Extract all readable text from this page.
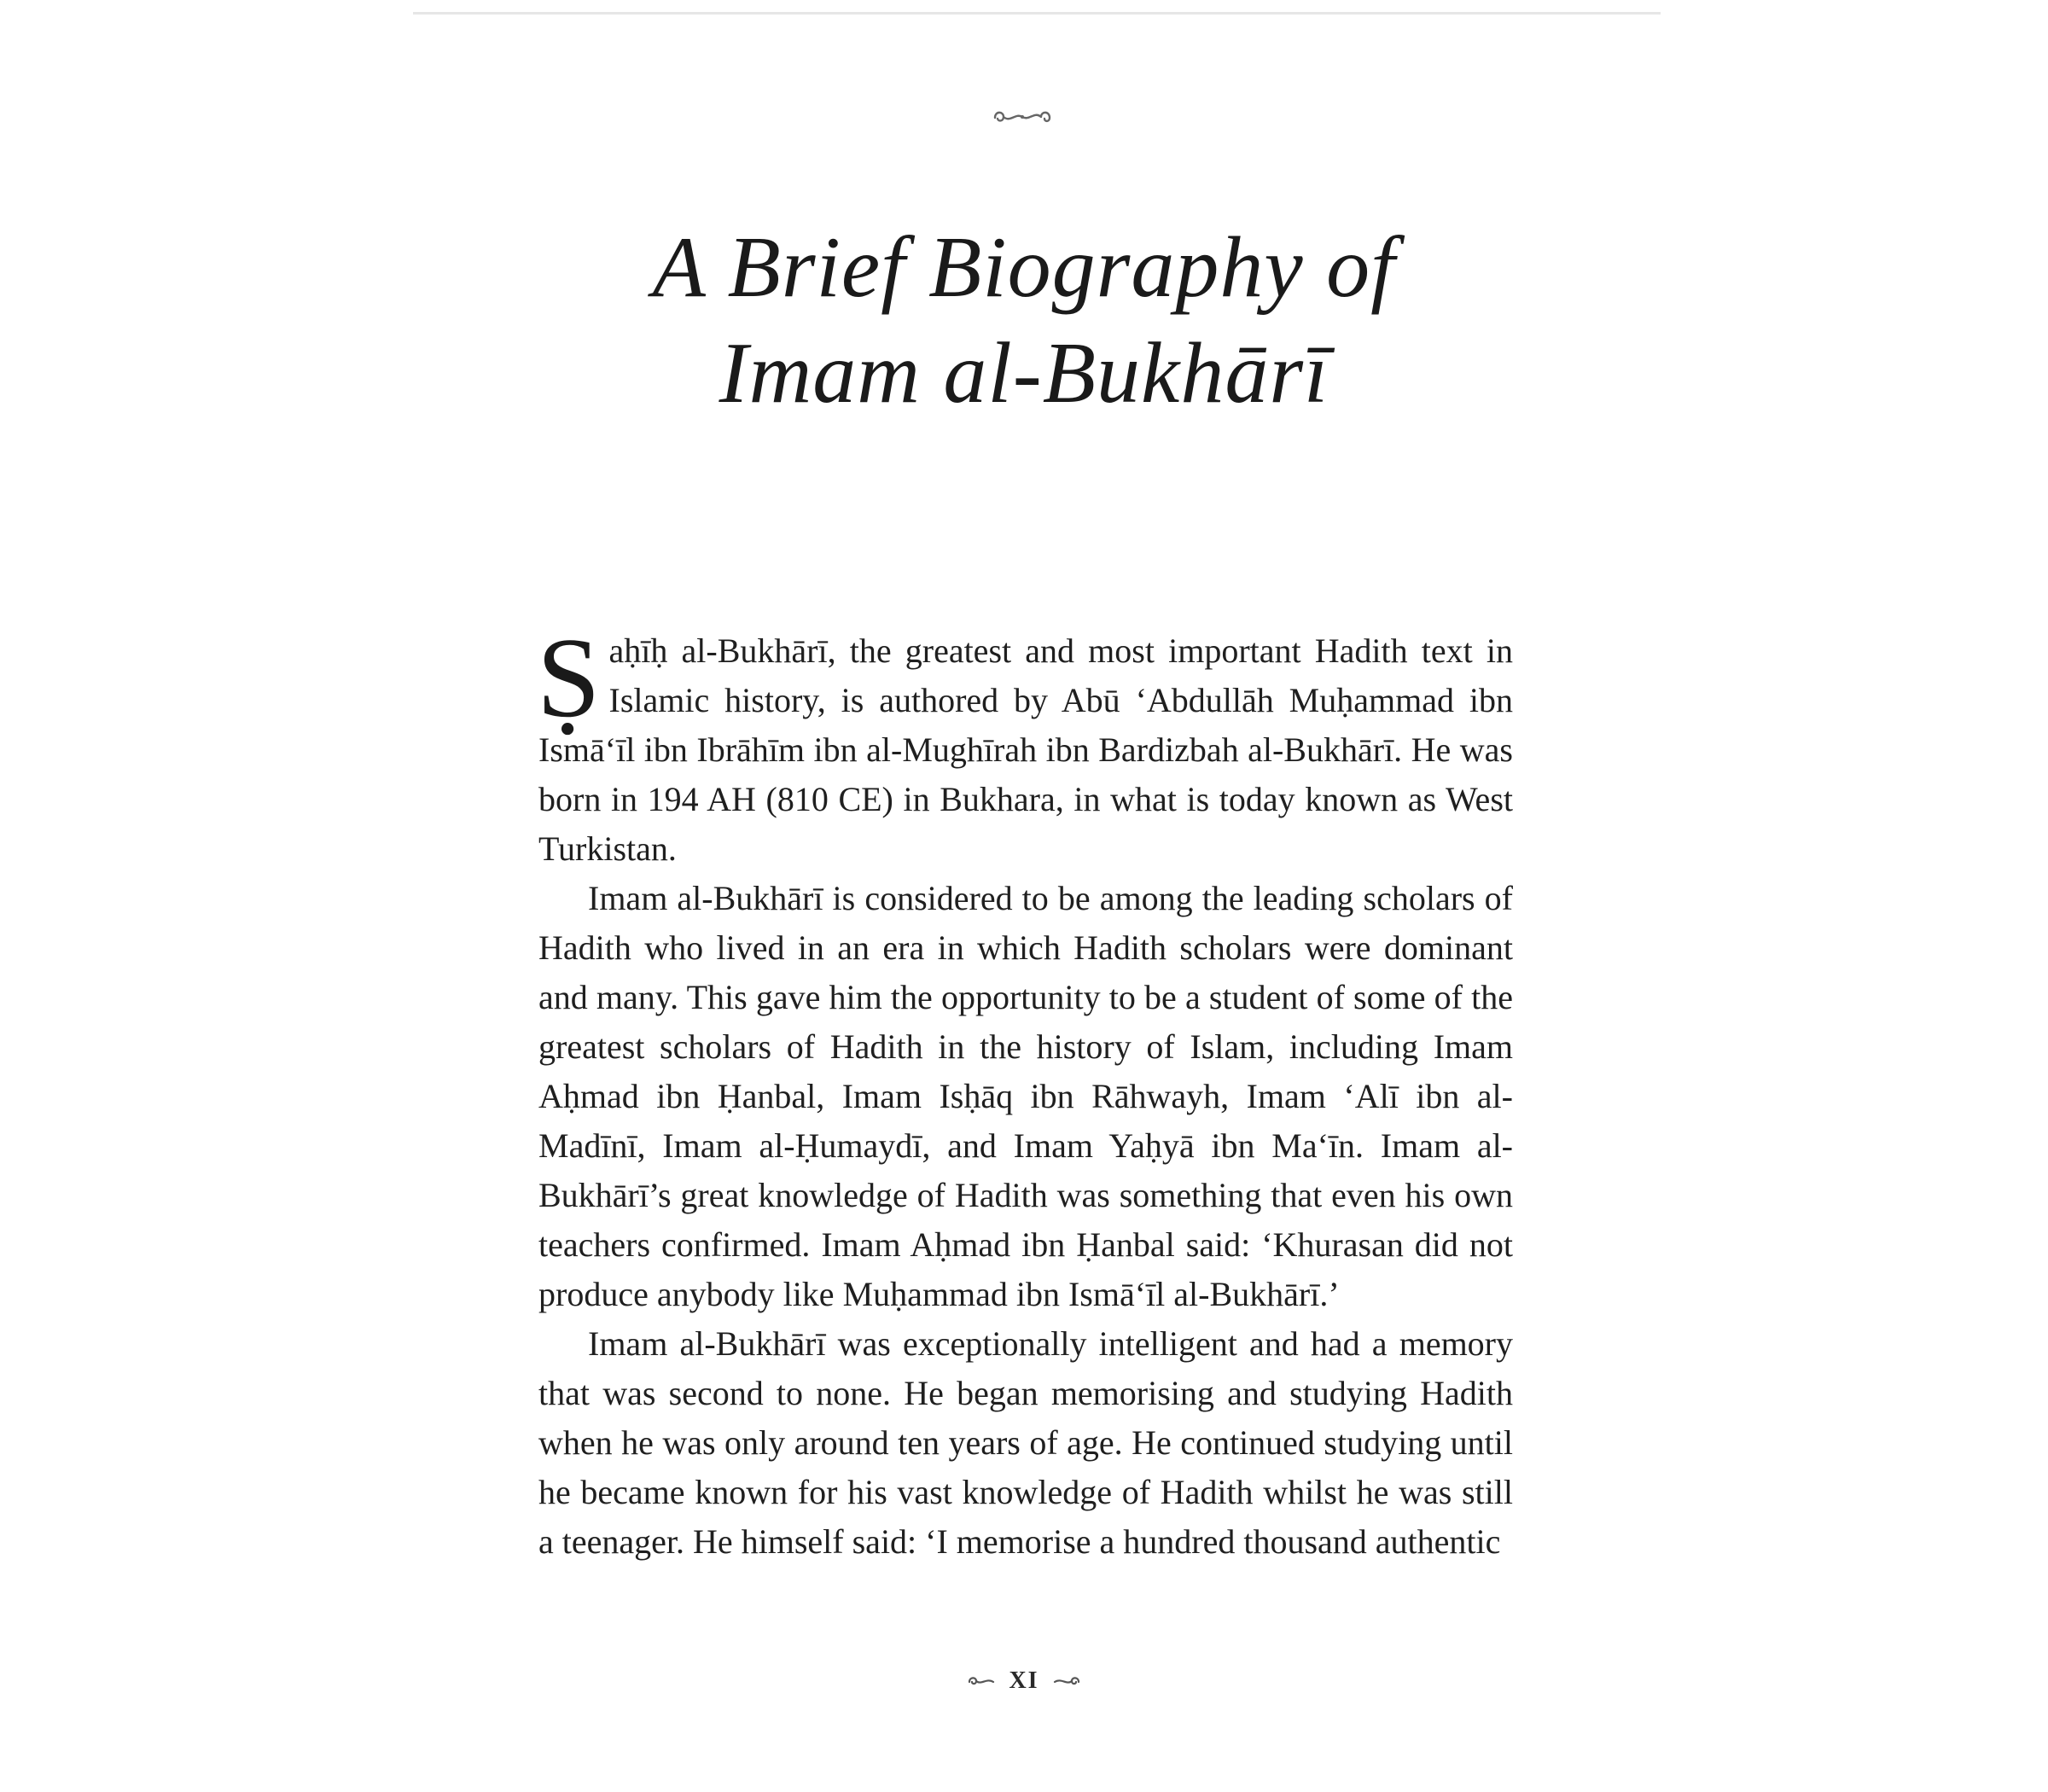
A Brief Biography of
Imam al-Bukhārī

Ṣaḥīḥ al-Bukhārī, the greatest and most important Hadith text in Islamic history, is authored by Abū ‘Abdullāh Muḥammad ibn Ismā‘īl ibn Ibrāhīm ibn al-Mughīrah ibn Bardizbah al-Bukhārī. He was born in 194 AH (810 CE) in Bukhara, in what is today known as West Turkistan.

Imam al-Bukhārī is considered to be among the leading scholars of Hadith who lived in an era in which Hadith scholars were dominant and many. This gave him the opportunity to be a student of some of the greatest scholars of Hadith in the history of Islam, including Imam Aḥmad ibn Ḥanbal, Imam Isḥāq ibn Rāhwayh, Imam ‘Alī ibn al-Madīnī, Imam al-Ḥumaydī, and Imam Yaḥyā ibn Ma‘īn. Imam al-Bukhārī’s great knowledge of Hadith was something that even his own teachers confirmed. Imam Aḥmad ibn Ḥanbal said: ‘Khurasan did not produce anybody like Muḥammad ibn Ismā‘īl al-Bukhārī.’

Imam al-Bukhārī was exceptionally intelligent and had a memory that was second to none. He began memorising and studying Hadith when he was only around ten years of age. He continued studying until he became known for his vast knowledge of Hadith whilst he was still a teenager. He himself said: ‘I memorise a hundred thousand authentic

XI
